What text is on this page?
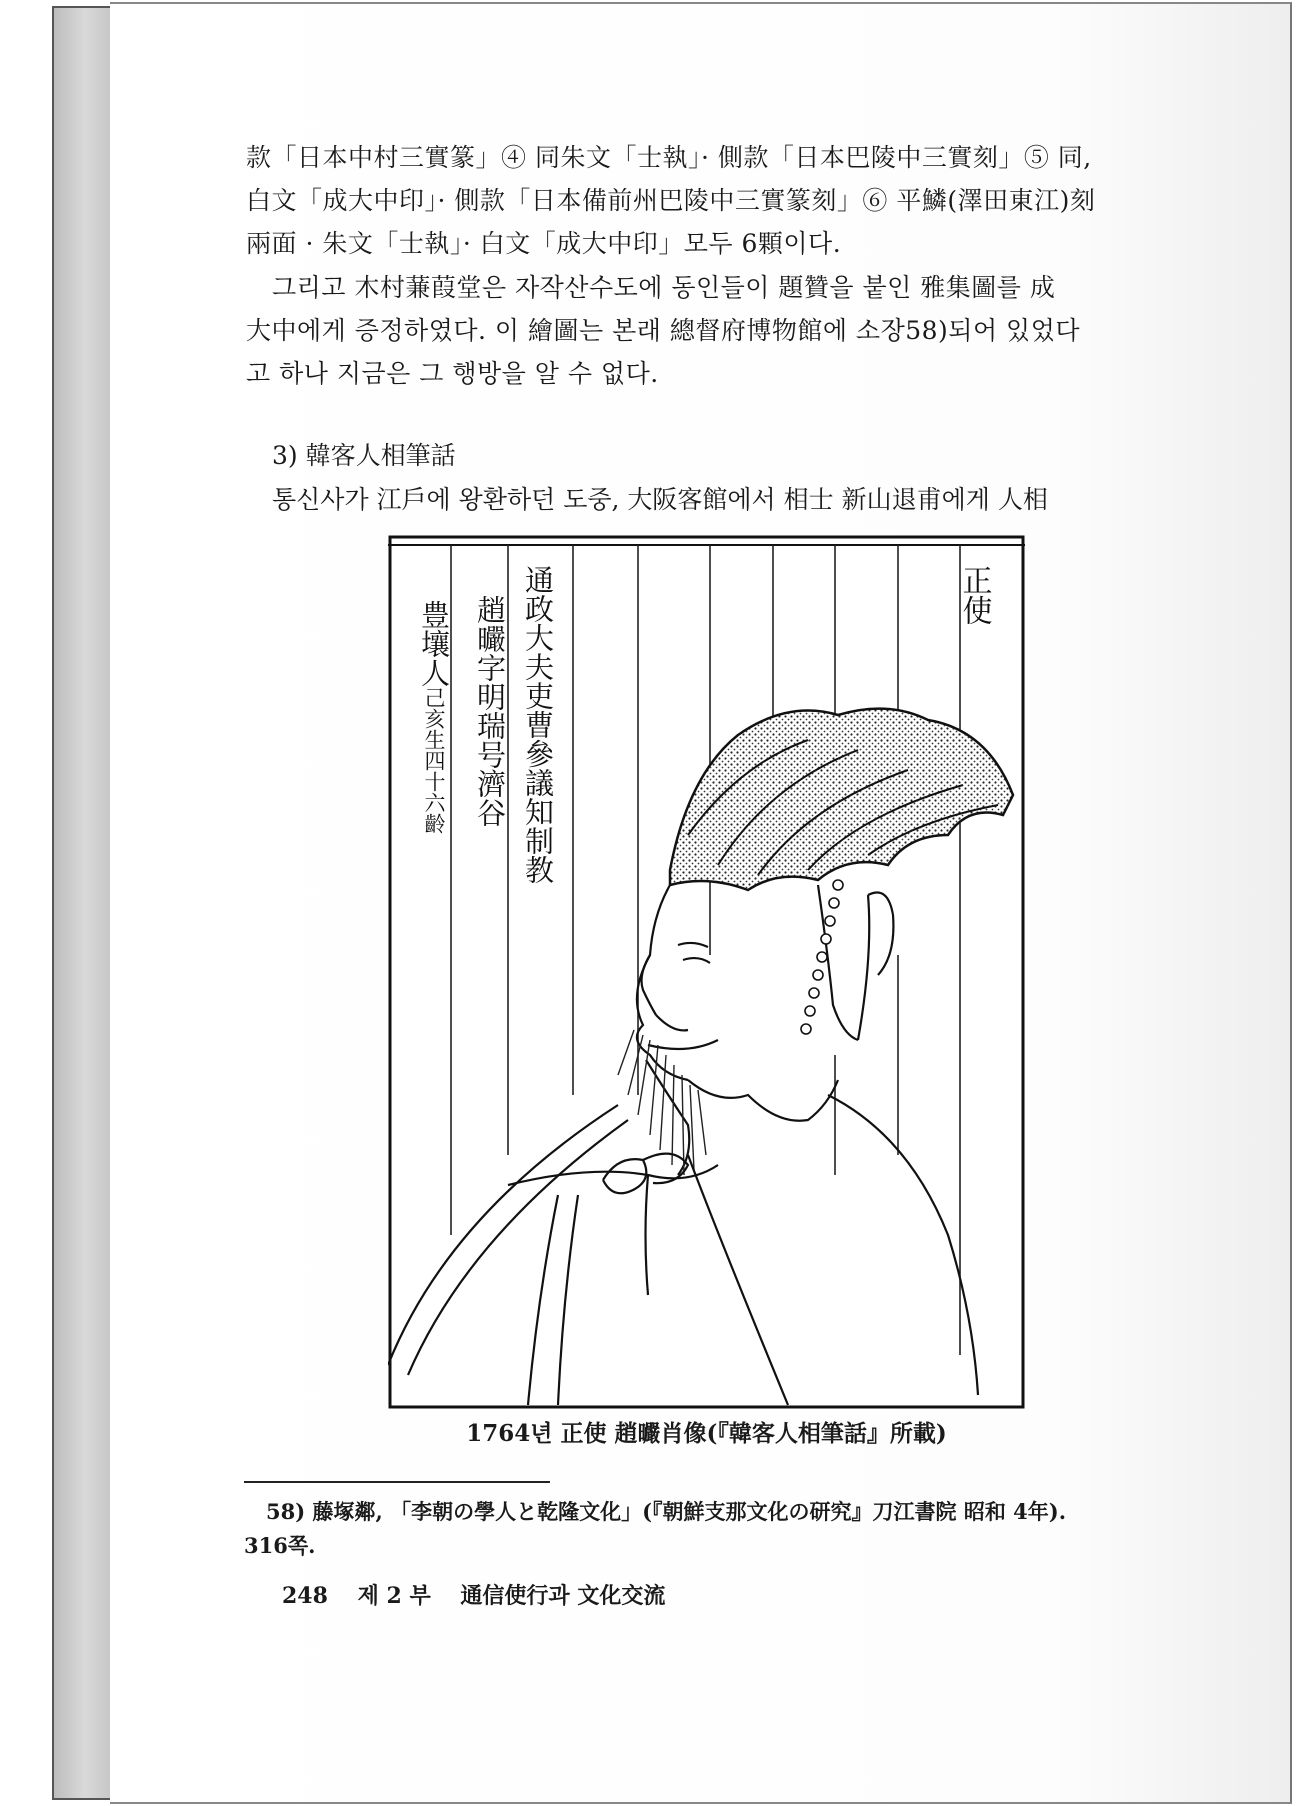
款「日本中村三實篆」④ 同朱文「士執」· 側款「日本巴陵中三實刻」⑤ 同,
白文「成大中印」· 側款「日本備前州巴陵中三實篆刻」⑥ 平鱗(澤田東江)刻
兩面 · 朱文「士執」· 白文「成大中印」모두 6顆이다.
그리고 木村蒹葭堂은 자작산수도에 동인들이 題贊을 붙인 雅集圖를 成
大中에게 증정하였다. 이 繪圖는 본래 總督府博物館에 소장58)되어 있었다
고 하나 지금은 그 행방을 알 수 없다.
3) 韓客人相筆話
통신사가 江戶에 왕환하던 도중, 大阪客館에서 相士 新山退甫에게 人相
正使
通政大夫吏曹參議知制教
趙曮字明瑞号濟谷
豊壤人己亥生四十六齡
1764년 正使 趙曮肖像(『韓客人相筆話』所載)
58) 藤塚鄰, 「李朝の學人と乾隆文化」(『朝鮮支那文化の研究』刀江書院 昭和 4年).
316쪽.
248 제 2 부 通信使行과 文化交流
